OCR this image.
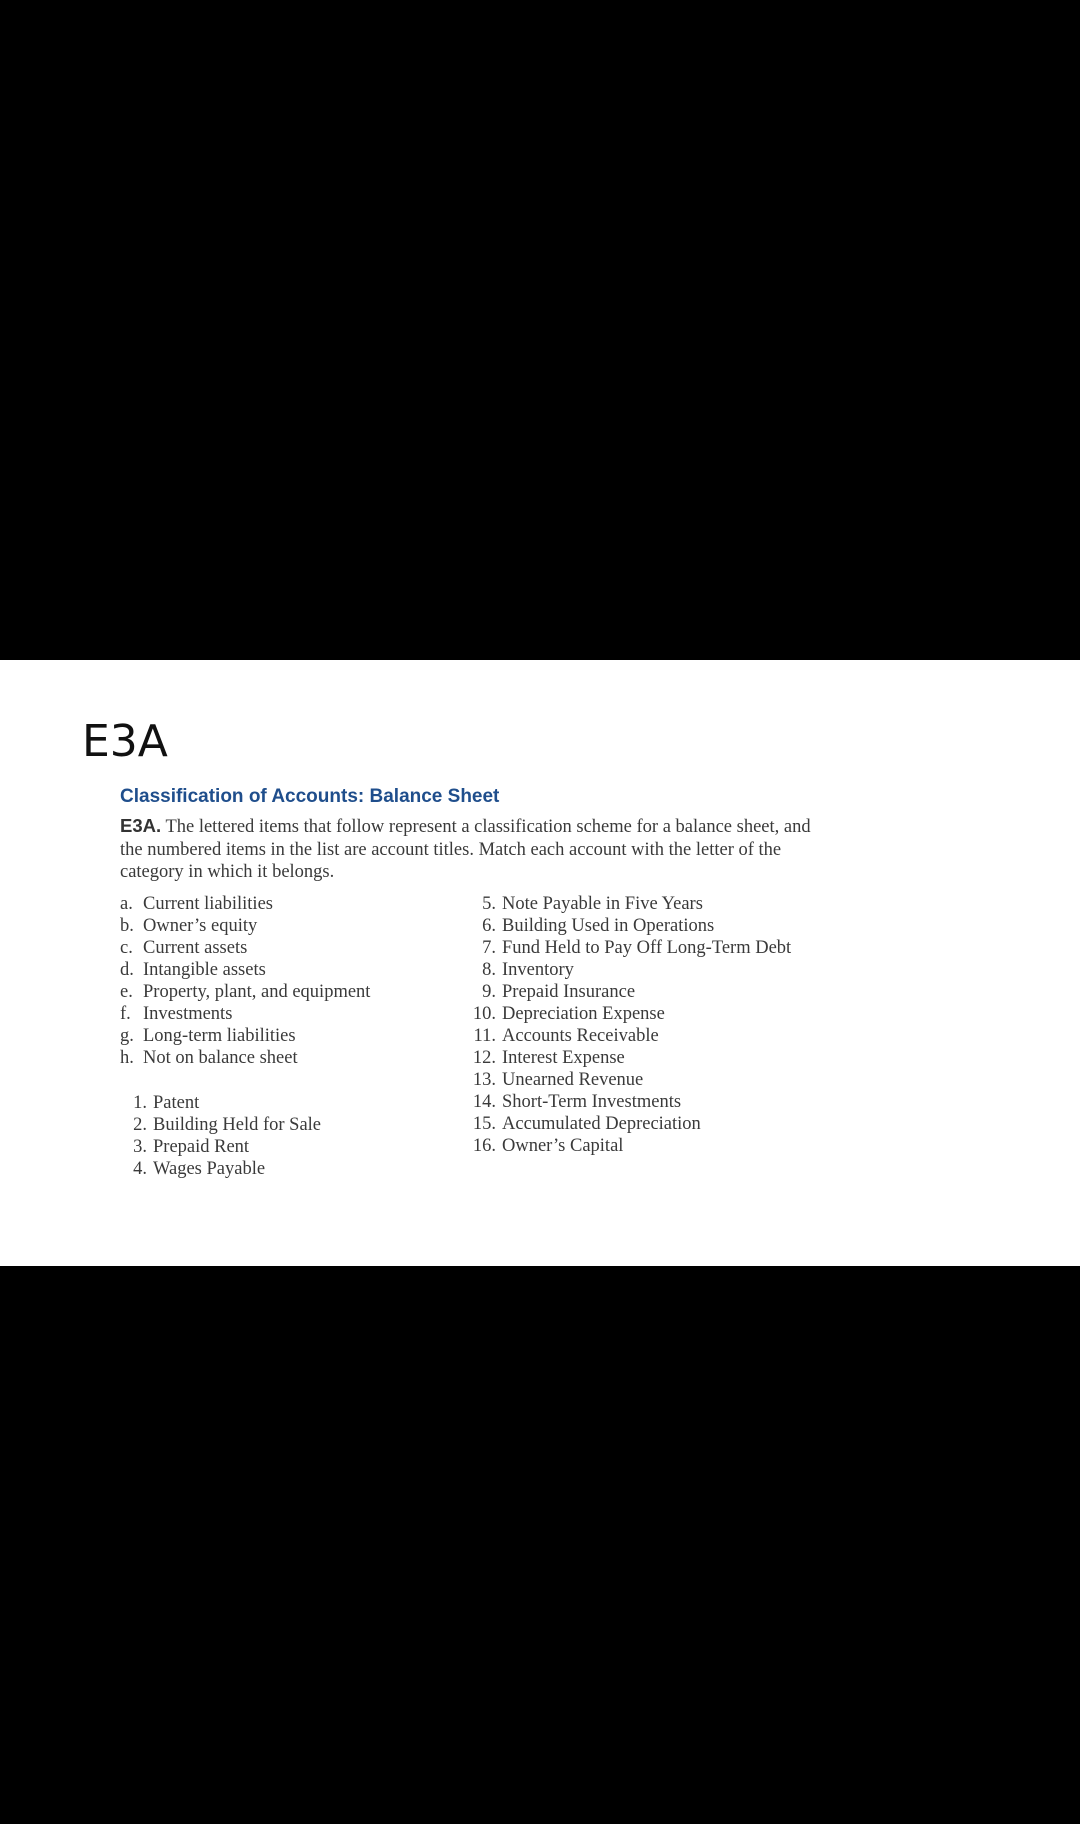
E3A
Classification of Accounts: Balance Sheet

E3A. The lettered items that follow represent a classification scheme for a balance sheet, and the numbered items in the list are account titles. Match each account with the letter of the category in which it belongs.

a. Current liabilities
b. Owner’s equity
c. Current assets
d. Intangible assets
e. Property, plant, and equipment
f. Investments
g. Long-term liabilities
h. Not on balance sheet
1. Patent
2. Building Held for Sale
3. Prepaid Rent
4. Wages Payable
5. Note Payable in Five Years
6. Building Used in Operations
7. Fund Held to Pay Off Long-Term Debt
8. Inventory
9. Prepaid Insurance
10. Depreciation Expense
11. Accounts Receivable
12. Interest Expense
13. Unearned Revenue
14. Short-Term Investments
15. Accumulated Depreciation
16. Owner’s Capital
